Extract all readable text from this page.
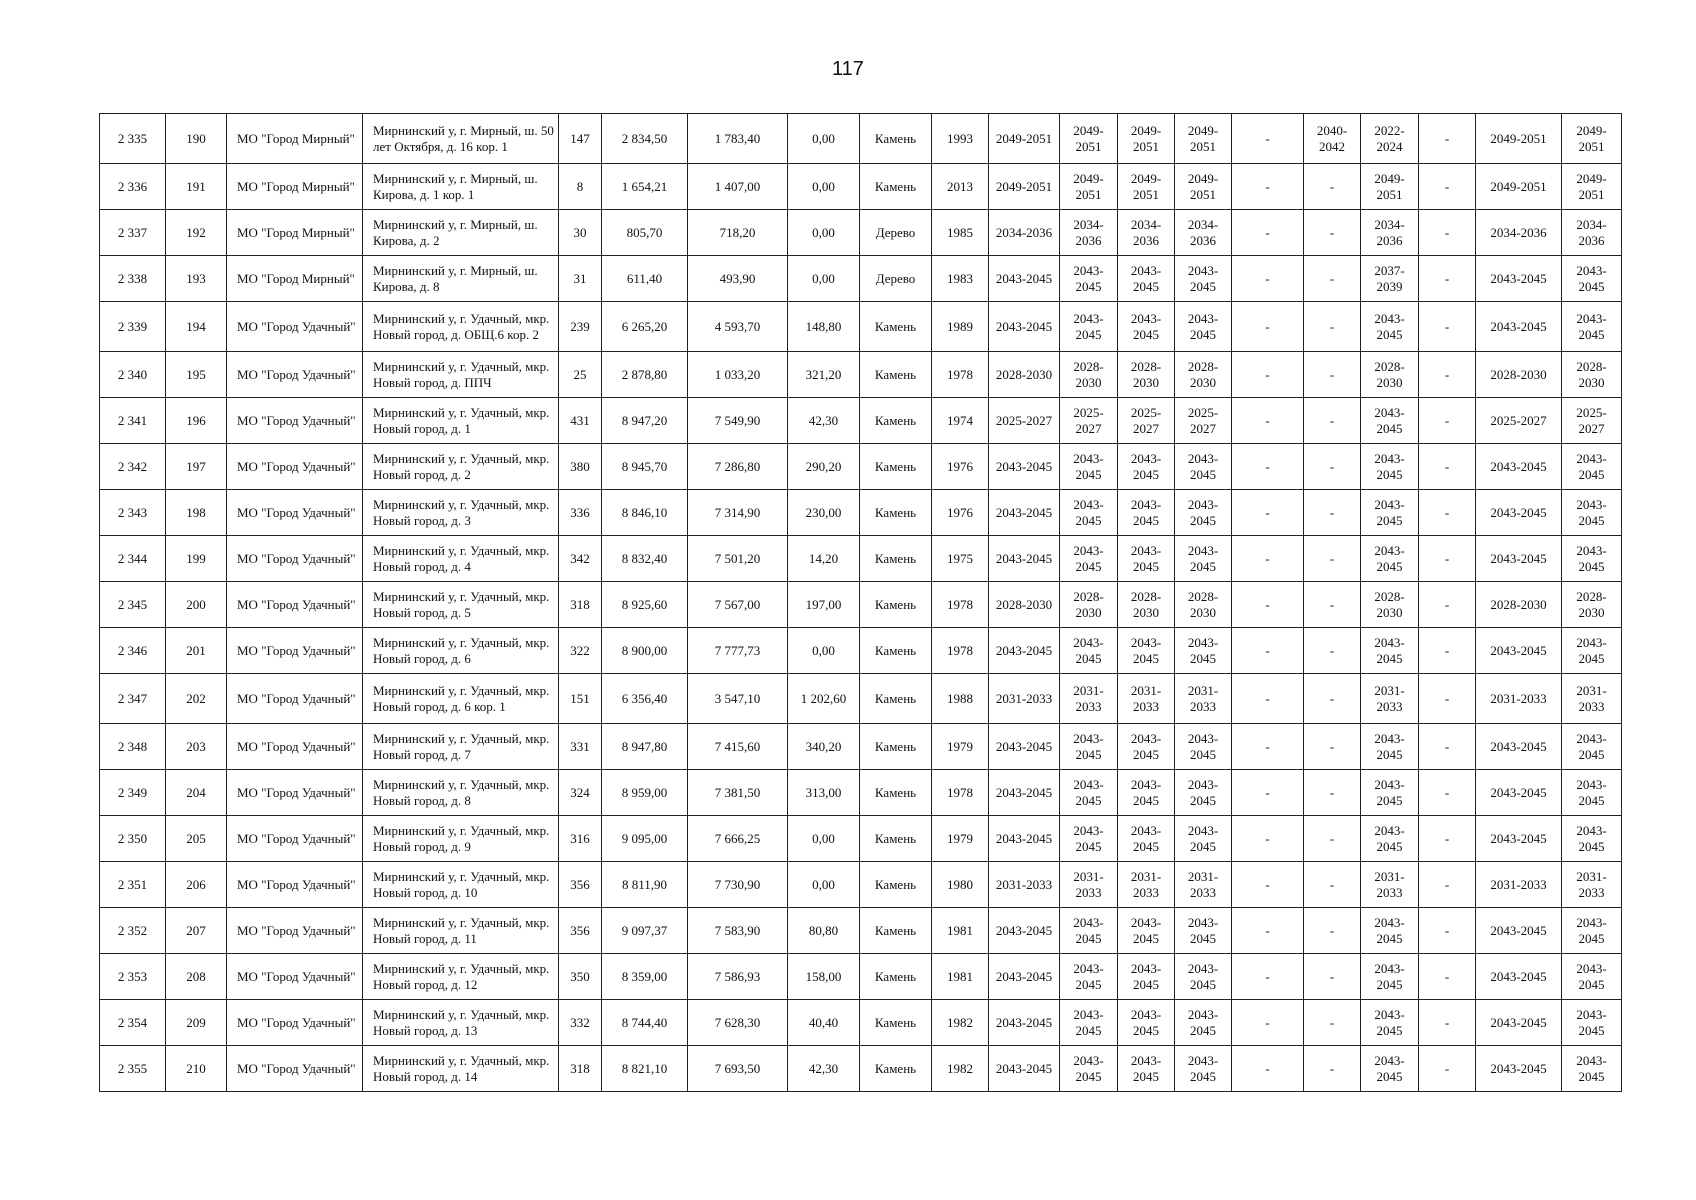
117
2 335	190	МО "Город Мирный"	Мирнинский у, г. Мирный, ш. 50 лет Октября, д. 16 кор. 1	147	2 834,50	1 783,40	0,00	Камень	1993	2049-2051	2049-2051	2049-2051	2049-2051	-	2040-2042	2022-2024	-	2049-2051	2049-2051
2 336	191	МО "Город Мирный"	Мирнинский у, г. Мирный, ш. Кирова, д. 1 кор. 1	8	1 654,21	1 407,00	0,00	Камень	2013	2049-2051	2049-2051	2049-2051	2049-2051	-	-	2049-2051	-	2049-2051	2049-2051
2 337	192	МО "Город Мирный"	Мирнинский у, г. Мирный, ш. Кирова, д. 2	30	805,70	718,20	0,00	Дерево	1985	2034-2036	2034-2036	2034-2036	2034-2036	-	-	2034-2036	-	2034-2036	2034-2036
2 338	193	МО "Город Мирный"	Мирнинский у, г. Мирный, ш. Кирова, д. 8	31	611,40	493,90	0,00	Дерево	1983	2043-2045	2043-2045	2043-2045	2043-2045	-	-	2037-2039	-	2043-2045	2043-2045
2 339	194	МО "Город Удачный"	Мирнинский у, г. Удачный, мкр. Новый город, д. ОБЩ.6 кор. 2	239	6 265,20	4 593,70	148,80	Камень	1989	2043-2045	2043-2045	2043-2045	2043-2045	-	-	2043-2045	-	2043-2045	2043-2045
2 340	195	МО "Город Удачный"	Мирнинский у, г. Удачный, мкр. Новый город, д. ППЧ	25	2 878,80	1 033,20	321,20	Камень	1978	2028-2030	2028-2030	2028-2030	2028-2030	-	-	2028-2030	-	2028-2030	2028-2030
2 341	196	МО "Город Удачный"	Мирнинский у, г. Удачный, мкр. Новый город, д. 1	431	8 947,20	7 549,90	42,30	Камень	1974	2025-2027	2025-2027	2025-2027	2025-2027	-	-	2043-2045	-	2025-2027	2025-2027
2 342	197	МО "Город Удачный"	Мирнинский у, г. Удачный, мкр. Новый город, д. 2	380	8 945,70	7 286,80	290,20	Камень	1976	2043-2045	2043-2045	2043-2045	2043-2045	-	-	2043-2045	-	2043-2045	2043-2045
2 343	198	МО "Город Удачный"	Мирнинский у, г. Удачный, мкр. Новый город, д. 3	336	8 846,10	7 314,90	230,00	Камень	1976	2043-2045	2043-2045	2043-2045	2043-2045	-	-	2043-2045	-	2043-2045	2043-2045
2 344	199	МО "Город Удачный"	Мирнинский у, г. Удачный, мкр. Новый город, д. 4	342	8 832,40	7 501,20	14,20	Камень	1975	2043-2045	2043-2045	2043-2045	2043-2045	-	-	2043-2045	-	2043-2045	2043-2045
2 345	200	МО "Город Удачный"	Мирнинский у, г. Удачный, мкр. Новый город, д. 5	318	8 925,60	7 567,00	197,00	Камень	1978	2028-2030	2028-2030	2028-2030	2028-2030	-	-	2028-2030	-	2028-2030	2028-2030
2 346	201	МО "Город Удачный"	Мирнинский у, г. Удачный, мкр. Новый город, д. 6	322	8 900,00	7 777,73	0,00	Камень	1978	2043-2045	2043-2045	2043-2045	2043-2045	-	-	2043-2045	-	2043-2045	2043-2045
2 347	202	МО "Город Удачный"	Мирнинский у, г. Удачный, мкр. Новый город, д. 6 кор. 1	151	6 356,40	3 547,10	1 202,60	Камень	1988	2031-2033	2031-2033	2031-2033	2031-2033	-	-	2031-2033	-	2031-2033	2031-2033
2 348	203	МО "Город Удачный"	Мирнинский у, г. Удачный, мкр. Новый город, д. 7	331	8 947,80	7 415,60	340,20	Камень	1979	2043-2045	2043-2045	2043-2045	2043-2045	-	-	2043-2045	-	2043-2045	2043-2045
2 349	204	МО "Город Удачный"	Мирнинский у, г. Удачный, мкр. Новый город, д. 8	324	8 959,00	7 381,50	313,00	Камень	1978	2043-2045	2043-2045	2043-2045	2043-2045	-	-	2043-2045	-	2043-2045	2043-2045
2 350	205	МО "Город Удачный"	Мирнинский у, г. Удачный, мкр. Новый город, д. 9	316	9 095,00	7 666,25	0,00	Камень	1979	2043-2045	2043-2045	2043-2045	2043-2045	-	-	2043-2045	-	2043-2045	2043-2045
2 351	206	МО "Город Удачный"	Мирнинский у, г. Удачный, мкр. Новый город, д. 10	356	8 811,90	7 730,90	0,00	Камень	1980	2031-2033	2031-2033	2031-2033	2031-2033	-	-	2031-2033	-	2031-2033	2031-2033
2 352	207	МО "Город Удачный"	Мирнинский у, г. Удачный, мкр. Новый город, д. 11	356	9 097,37	7 583,90	80,80	Камень	1981	2043-2045	2043-2045	2043-2045	2043-2045	-	-	2043-2045	-	2043-2045	2043-2045
2 353	208	МО "Город Удачный"	Мирнинский у, г. Удачный, мкр. Новый город, д. 12	350	8 359,00	7 586,93	158,00	Камень	1981	2043-2045	2043-2045	2043-2045	2043-2045	-	-	2043-2045	-	2043-2045	2043-2045
2 354	209	МО "Город Удачный"	Мирнинский у, г. Удачный, мкр. Новый город, д. 13	332	8 744,40	7 628,30	40,40	Камень	1982	2043-2045	2043-2045	2043-2045	2043-2045	-	-	2043-2045	-	2043-2045	2043-2045
2 355	210	МО "Город Удачный"	Мирнинский у, г. Удачный, мкр. Новый город, д. 14	318	8 821,10	7 693,50	42,30	Камень	1982	2043-2045	2043-2045	2043-2045	2043-2045	-	-	2043-2045	-	2043-2045	2043-2045
